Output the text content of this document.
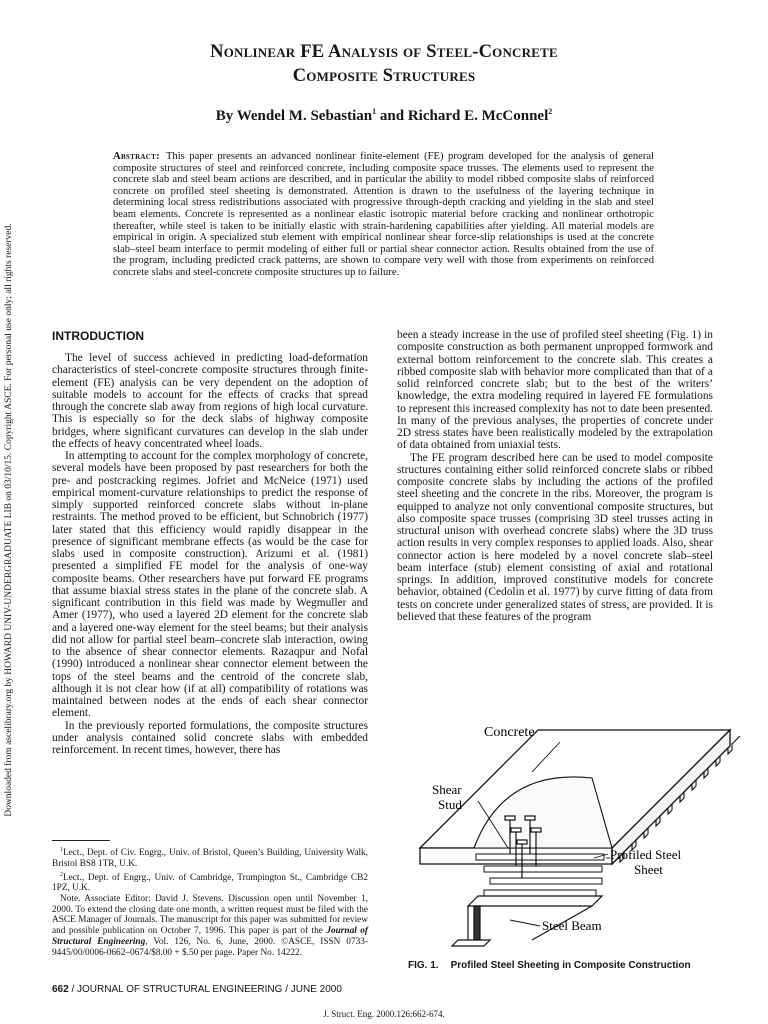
Nonlinear FE Analysis of Steel-Concrete
Composite Structures
By Wendel M. Sebastian$^1$ and Richard E. McConnel$^2$
Abstract: This paper presents an advanced nonlinear finite-element (FE) program developed for the analysis of general composite structures of steel and reinforced concrete, including composite space trusses. The elements used to represent the concrete slab and steel beam actions are described, and in particular the ability to model ribbed composite slabs of reinforced concrete on profiled steel sheeting is demonstrated. Attention is drawn to the usefulness of the layering technique in determining local stress redistributions associated with progressive through-depth cracking and yielding in the slab and steel beam elements. Concrete is represented as a nonlinear elastic isotropic material before cracking and nonlinear orthotropic thereafter, while steel is taken to be initially elastic with strain-hardening capabilities after yielding. All material models are empirical in origin. A specialized stub element with empirical nonlinear shear force-slip relationships is used at the concrete slab–steel beam interface to permit modeling of either full or partial shear connector action. Results obtained from the use of the program, including predicted crack patterns, are shown to compare very well with those from experiments on reinforced concrete slabs and steel-concrete composite structures up to failure.
Downloaded from ascelibrary.org by HOWARD UNIV-UNDERGRADUATE LIB on 03/10/15. Copyright ASCE. For personal use only; all rights reserved.	INTRODUCTION

The level of success achieved in predicting load-deformation characteristics of steel-concrete composite structures through finite-element (FE) analysis can be very dependent on the adoption of suitable models to account for the effects of cracks that spread through the concrete slab away from regions of high local curvature. This is especially so for the deck slabs of highway composite bridges, where significant curvatures can develop in the slab under the effects of heavy concentrated wheel loads.

In attempting to account for the complex morphology of concrete, several models have been proposed by past researchers for both the pre- and postcracking regimes. Jofriet and McNeice (1971) used empirical moment-curvature relationships to predict the response of simply supported reinforced concrete slabs without in-plane restraints. The method proved to be efficient, but Schnobrich (1977) later stated that this efficiency would rapidly disappear in the presence of significant membrane effects (as would be the case for slabs used in composite construction). Arizumi et al. (1981) presented a simplified FE model for the analysis of one-way composite beams. Other researchers have put forward FE programs that assume biaxial stress states in the plane of the concrete slab. A significant contribution in this field was made by Wegmuller and Amer (1977), who used a layered 2D element for the concrete slab and a layered one-way element for the steel beams; but their analysis did not allow for partial steel beam–concrete slab interaction, owing to the absence of shear connector elements. Razaqpur and Nofal (1990) introduced a nonlinear shear connector element between the tops of the steel beams and the centroid of the concrete slab, although it is not clear how (if at all) compatibility of rotations was maintained between nodes at the ends of each shear connector element.

In the previously reported formulations, the composite structures under analysis contained solid concrete slabs with embedded reinforcement. In recent times, however, there has

been a steady increase in the use of profiled steel sheeting (Fig. 1) in composite construction as both permanent unpropped formwork and external bottom reinforcement to the concrete slab. This creates a ribbed composite slab with behavior more complicated than that of a solid reinforced concrete slab; but to the best of the writers’ knowledge, the extra modeling required in layered FE formulations to represent this increased complexity has not to date been presented. In many of the previous analyses, the properties of concrete under 2D stress states have been realistically modeled by the extrapolation of data obtained from uniaxial tests.

The FE program described here can be used to model composite structures containing either solid reinforced concrete slabs or ribbed composite concrete slabs by including the actions of the profiled steel sheeting and the concrete in the ribs. Moreover, the program is equipped to analyze not only conventional composite structures, but also composite space trusses (comprising 3D steel trusses acting in structural unison with overhead concrete slabs) where the 3D truss action results in very complex responses to applied loads. Also, shear connector action is here modeled by a novel concrete slab–steel beam interface (stub) element consisting of axial and rotational springs. In addition, improved constitutive models for concrete behavior, obtained (Cedolin et al. 1977) by curve fitting of data from tests on concrete under generalized states of stress, are provided. It is believed that these features of the program

$^1$Lect., Dept. of Civ. Engrg., Univ. of Bristol, Queen’s Building, University Walk, Bristol BS8 1TR, U.K.

$^2$Lect., Dept. of Engrg., Univ. of Cambridge, Trumpington St., Cambridge CB2 1PZ, U.K.

Note. Associate Editor: David J. Stevens. Discussion open until November 1, 2000. To extend the closing date one month, a written request must be filed with the ASCE Manager of Journals. The manuscript for this paper was submitted for review and possible publication on October 7, 1996. This paper is part of the Journal of Structural Engineering, Vol. 126, No. 6, June, 2000. ©ASCE, ISSN 0733-9445/00/0006-0662–0674/$8.00 + $.50 per page. Paper No. 14222.

Concrete
Shear
Stud
Profiled Steel
Sheet
Steel Beam
FIG. 1. Profiled Steel Sheeting in Composite Construction
662 / JOURNAL OF STRUCTURAL ENGINEERING / JUNE 2000
J. Struct. Eng. 2000.126:662-674.
